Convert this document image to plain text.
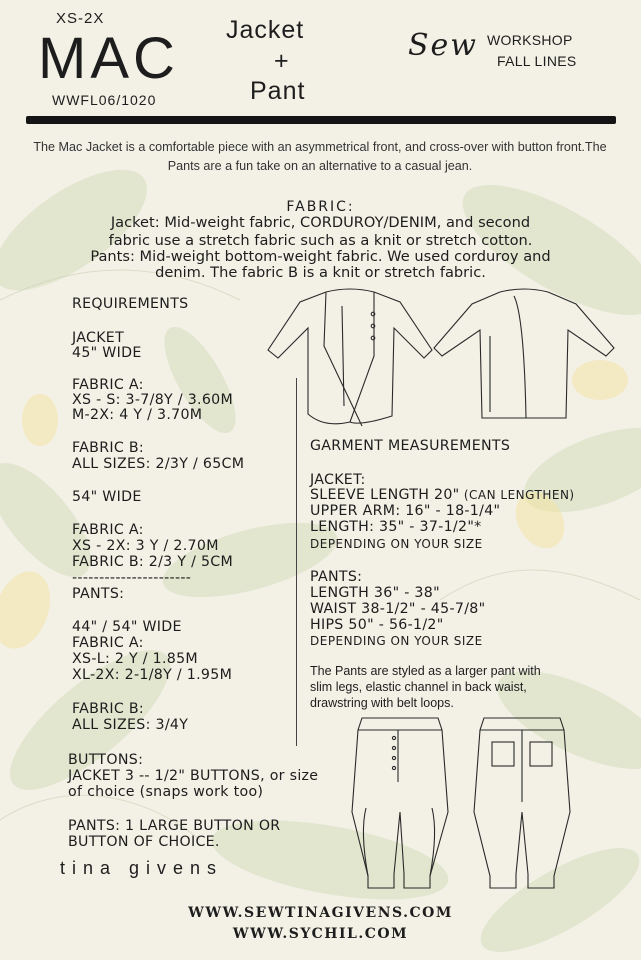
XS-2X
MAC
WWFL06/1020
Jacket
+
Pant
Sew WORKSHOP
FALL LINES
The Mac Jacket is a comfortable piece with an asymmetrical front, and cross-over with button front.The Pants are a fun take on an alternative to a casual jean.
FABRIC:
Jacket: Mid-weight fabric, CORDUROY/DENIM, and second
fabric use a stretch fabric such as a knit or stretch cotton.
Pants: Mid-weight bottom-weight fabric. We used corduroy and
denim. The fabric B is a knit or stretch fabric.
REQUIREMENTS
JACKET
45" WIDE
FABRIC A:
XS - S: 3-7/8Y / 3.60M
M-2X: 4 Y / 3.70M
FABRIC B:
ALL SIZES: 2/3Y / 65CM
54" WIDE
FABRIC A:
XS - 2X: 3 Y / 2.70M
FABRIC B: 2/3 Y / 5CM
----------------------
PANTS:
44" / 54" WIDE
FABRIC A:
XS-L: 2 Y / 1.85M
XL-2X: 2-1/8Y / 1.95M
FABRIC B:
ALL SIZES: 3/4Y
BUTTONS:
JACKET 3 -- 1/2" BUTTONS, or size
of choice (snaps work too)
PANTS: 1 LARGE BUTTON OR
BUTTON OF CHOICE.
GARMENT MEASUREMENTS
JACKET:
SLEEVE LENGTH 20" (CAN LENGTHEN)
UPPER ARM: 16" - 18-1/4"
LENGTH: 35" - 37-1/2"*
DEPENDING ON YOUR SIZE
PANTS:
LENGTH 36" - 38"
WAIST 38-1/2" - 45-7/8"
HIPS 50" - 56-1/2"
DEPENDING ON YOUR SIZE
The Pants are styled as a larger pant with
slim legs, elastic channel in back waist,
drawstring with belt loops.
tina givens
WWW.SEWTINAGIVENS.COM
WWW.SYCHIL.COM
